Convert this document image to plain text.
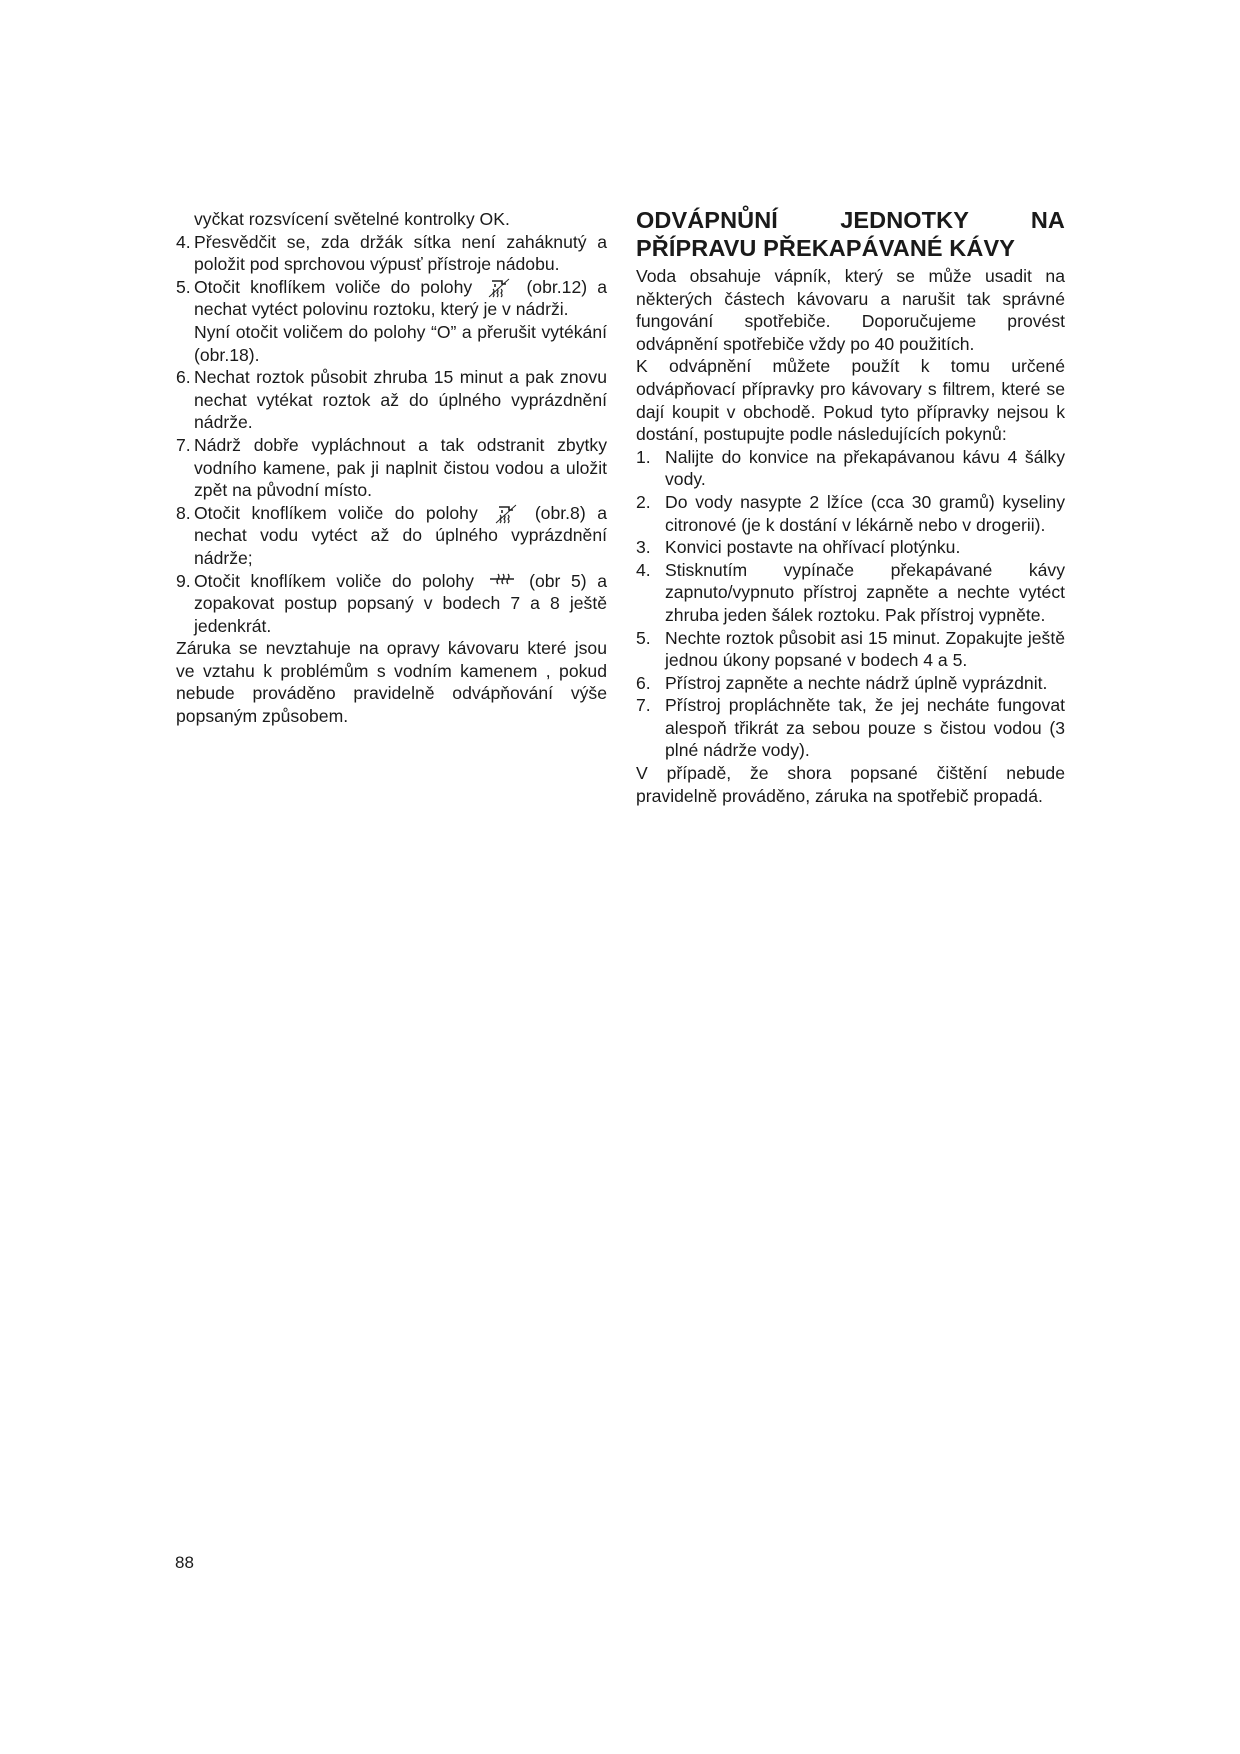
vyčkat rozsvícení světelné kontrolky OK.

4. Přesvědčit se, zda držák sítka není zaháknutý a položit pod sprchovou výpusť přístroje nádobu.
5. Otočit knoflíkem voliče do polohy	(obr.12) a nechat vytéct polovinu roztoku, který je v nádrži.
Nyní otočit voličem do polohy “O” a přerušit vytékání (obr.18).
6. Nechat roztok působit zhruba 15 minut a pak znovu nechat vytékat roztok až do úplného vyprázdnění nádrže.
7. Nádrž dobře vypláchnout a tak odstranit zbytky vodního kamene, pak ji naplnit čistou vodou a uložit zpět na původní místo.
8. Otočit knoflíkem voliče do polohy	(obr.8) a nechat vodu vytéct až do úplného vyprázdnění nádrže;
9. Otočit knoflíkem voliče do polohy	(obr 5) a zopakovat postup popsaný v bodech 7 a 8 ještě jedenkrát.

Záruka se nevztahuje na opravy kávovaru které jsou ve vztahu k problémům s vodním kamenem , pokud nebude prováděno pravidelně odvápňování výše popsaným způsobem.

ODVÁPNŮNÍ JEDNOTKY NA PŘÍPRAVU PŘEKAPÁVANÉ KÁVY

Voda obsahuje vápník, který se může usadit na některých částech kávovaru a narušit tak správné fungování spotřebiče. Doporučujeme provést odvápnění spotřebiče vždy po 40 použitích.

K odvápnění můžete použít k tomu určené odvápňovací přípravky pro kávovary s filtrem, které se dají koupit v obchodě. Pokud tyto přípravky nejsou k dostání, postupujte podle následujících pokynů:

1. Nalijte do konvice na překapávanou kávu 4 šálky vody.
2. Do vody nasypte 2 lžíce (cca 30 gramů) kyseliny citronové (je k dostání v lékárně nebo v drogerii).
3. Konvici postavte na ohřívací plotýnku.
4. Stisknutím vypínače překapávané kávy zapnuto/vypnuto přístroj zapněte a nechte vytéct zhruba jeden šálek roztoku. Pak přístroj vypněte.
5. Nechte roztok působit asi 15 minut. Zopakujte ještě jednou úkony popsané v bodech 4 a 5.
6. Přístroj zapněte a nechte nádrž úplně vyprázdnit.
7. Přístroj propláchněte tak, že jej necháte fungovat alespoň třikrát za sebou pouze s čistou vodou (3 plné nádrže vody).

V případě, že shora popsané čištění nebude pravidelně prováděno, záruka na spotřebič propadá.

88
